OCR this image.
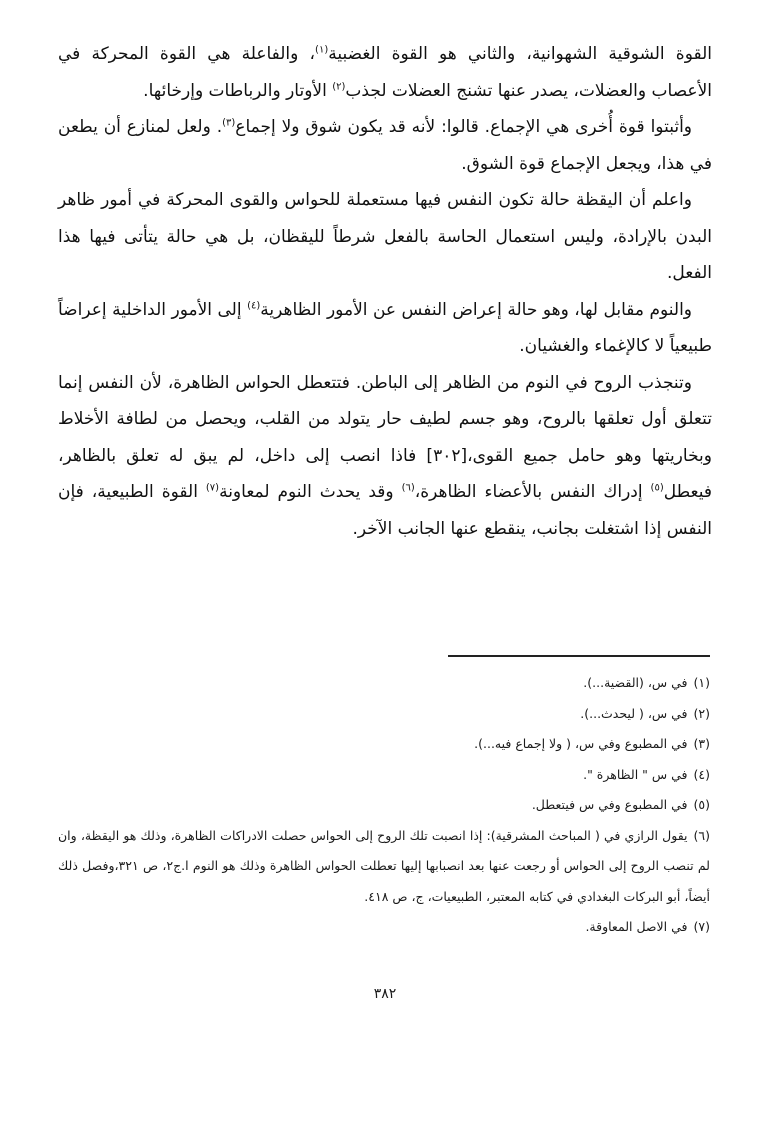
القوة الشوقية الشهوانية، والثاني هو القوة الغضبية$^{(١)}$، والفاعلة هي القوة المحركة في الأعصاب والعضلات، يصدر عنها تشنج العضلات لجذب$^{(٢)}$ الأوتار والرباطات وإرخائها.

وأثبتوا قوة أُخرى هي الإجماع. قالوا: لأنه قد يكون شوق ولا إجماع$^{(٣)}$. ولعل لمنازع أن يطعن في هذا، ويجعل الإجماع قوة الشوق.

واعلم أن اليقظة حالة تكون النفس فيها مستعملة للحواس والقوى المحركة في أمور ظاهر البدن بالإرادة، وليس استعمال الحاسة بالفعل شرطاً لليقظان، بل هي حالة يتأتى فيها هذا الفعل.

والنوم مقابل لها، وهو حالة إعراض النفس عن الأمور الظاهرية$^{(٤)}$ إلى الأمور الداخلية إعراضاً طبيعياً لا كالإغماء والغشيان.

وتنجذب الروح في النوم من الظاهر إلى الباطن. فتتعطل الحواس الظاهرة، لأن النفس إنما تتعلق أول تعلقها بالروح، وهو جسم لطيف حار يتولد من القلب، ويحصل من لطافة الأخلاط وبخاريتها وهو حامل جميع القوى،[٣٠٢] فاذا انصب إلى داخل، لم يبق له تعلق بالظاهر، فيعطل$^{(٥)}$ إدراك النفس بالأعضاء الظاهرة،$^{(٦)}$ وقد يحدث النوم لمعاونة$^{(٧)}$ القوة الطبيعية، فإن النفس إذا اشتغلت بجانب، ينقطع عنها الجانب الآخر.

(١)في س، (القضية...).

(٢)في س، ( ليحدث...).

(٣)في المطبوع وفي س، ( ولا إجماع فيه...).

(٤)في س " الظاهرة ".

(٥)في المطبوع وفي س فيتعطل.

(٦)يقول الرازي في ( المباحث المشرقية): إذا انصبت تلك الروح إلى الحواس حصلت الادراكات الظاهرة، وذلك هو اليقظة، وان لم تنصب الروح إلى الحواس أو رجعت عنها بعد انصبابها إليها تعطلت الحواس الظاهرة وذلك هو النوم ا.ج٢، ص ٣٢١،وفصل ذلك أيضاً، أبو البركات البغدادي في كتابه المعتبر، الطبيعيات، ج، ص ٤١٨.

(٧)في الاصل المعاوقة.

٣٨٢
